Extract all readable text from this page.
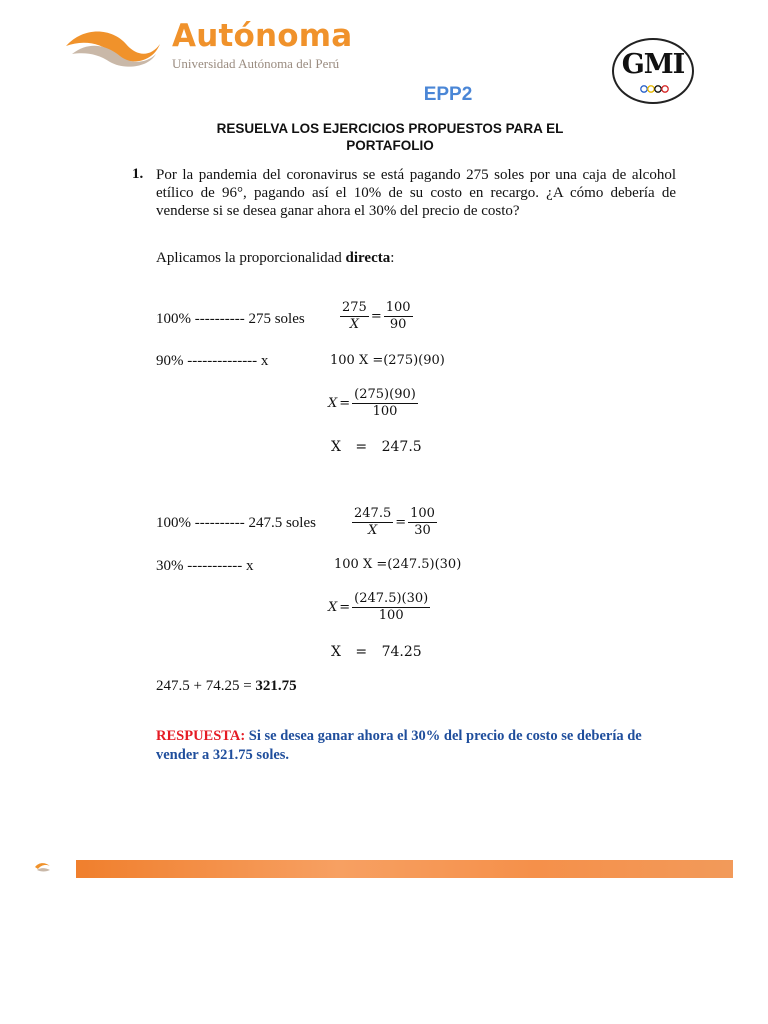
Autónoma
Universidad Autónoma del Perú	GMI
EPP2
RESUELVA LOS EJERCICIOS PROPUESTOS PARA EL PORTAFOLIO
1. Por la pandemia del coronavirus se está pagando 275 soles por una caja de alcohol etílico de 96°, pagando así el 10% de su costo en recargo. ¿A cómo debería de venderse si se desea ganar ahora el 30% del precio de costo?
Aplicamos la proporcionalidad directa:
100% ---------- 275 soles	$\frac{275}{X} = \frac{100}{90}$
90% -------------- x	100 X =(275)(90)
$X = \frac{(275)(90)}{100}$
X = 247.5
100% ---------- 247.5 soles	$\frac{247.5}{X} = \frac{100}{30}$
30% ----------- x	100 X =(247.5)(30)
$X = \frac{(247.5)(30)}{100}$
X = 74.25
247.5 + 74.25 = 321.75
RESPUESTA: Si se desea ganar ahora el 30% del precio de costo se debería de vender a 321.75 soles.
